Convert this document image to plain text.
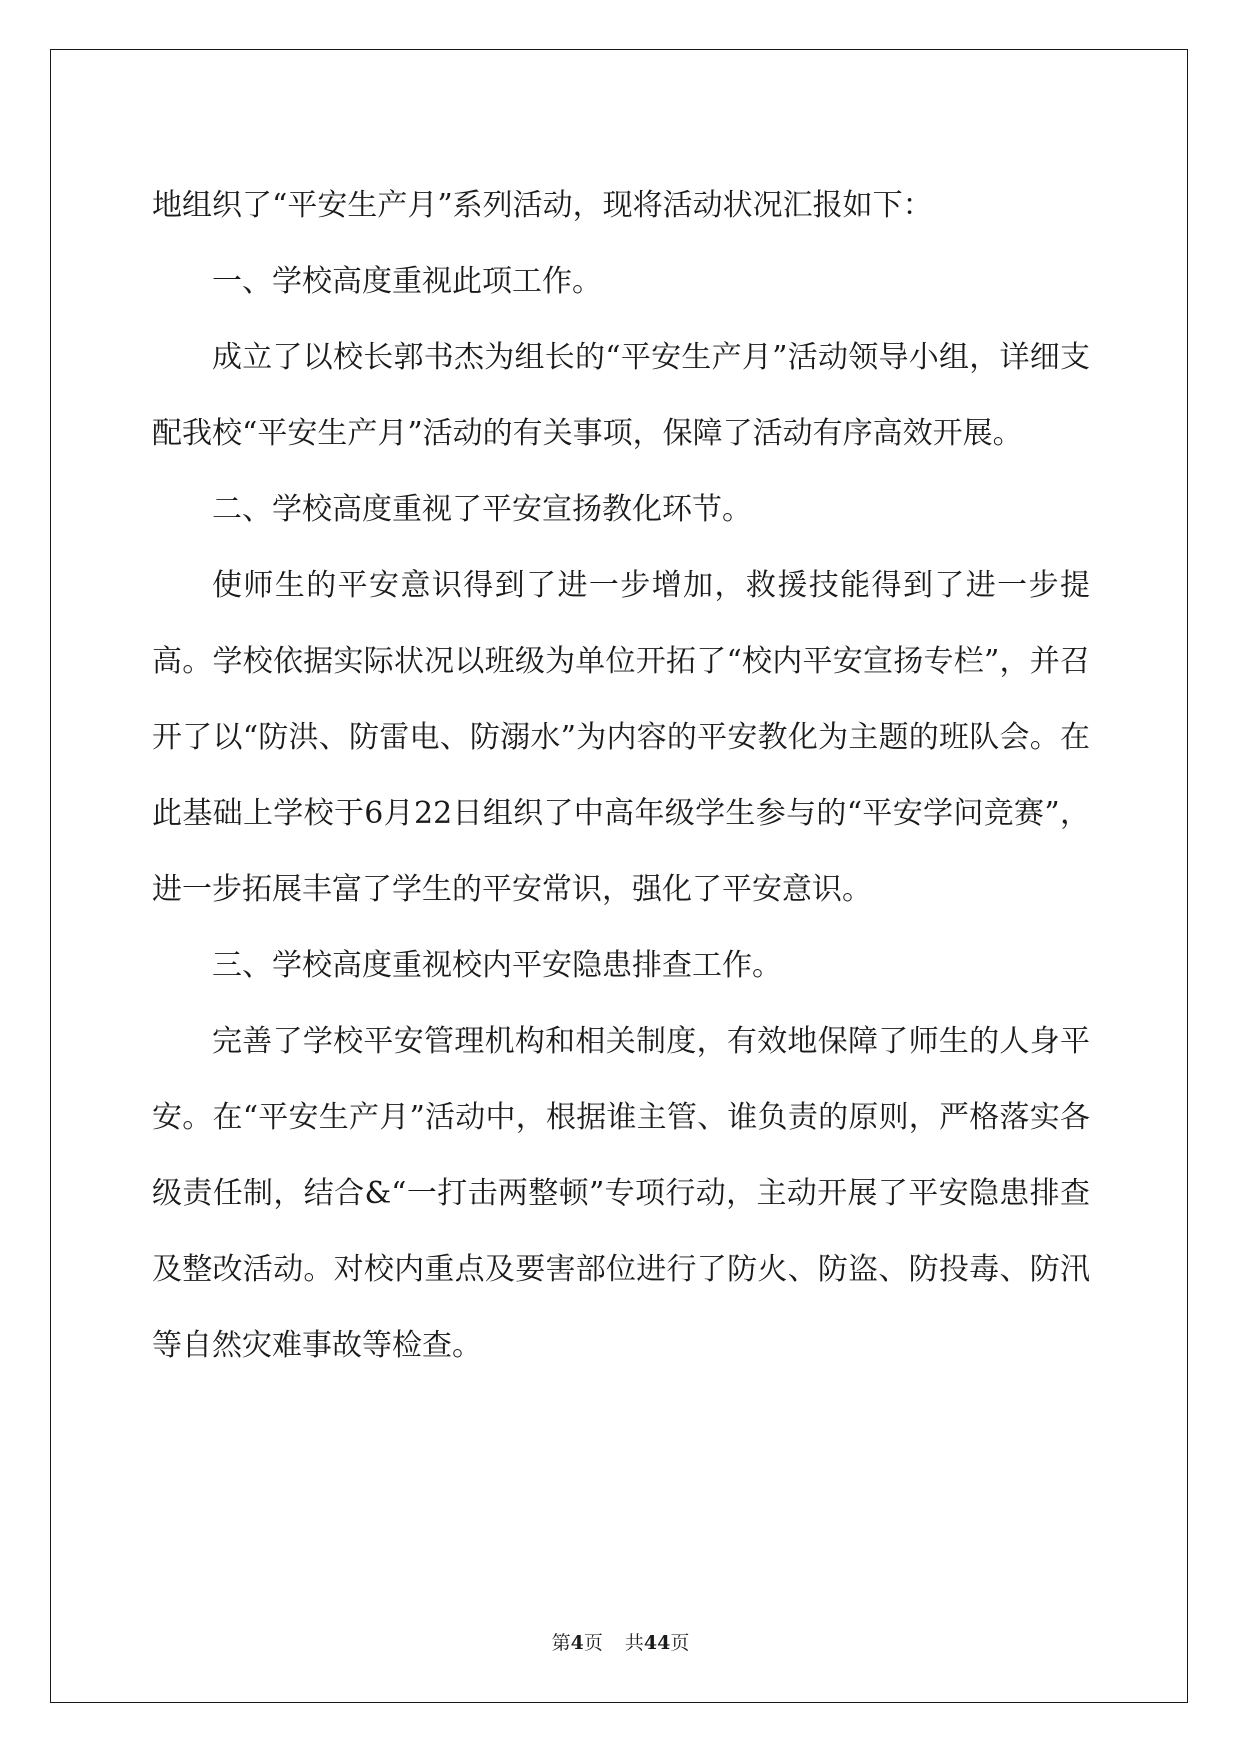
地组织了“平安生产月”系列活动，现将活动状况汇报如下：

一、学校高度重视此项工作。

成立了以校长郭书杰为组长的“平安生产月”活动领导小组，详细支配我校“平安生产月”活动的有关事项，保障了活动有序高效开展。

二、学校高度重视了平安宣扬教化环节。

使师生的平安意识得到了进一步增加，救援技能得到了进一步提高。学校依据实际状况以班级为单位开拓了“校内平安宣扬专栏”，并召开了以“防洪、防雷电、防溺水”为内容的平安教化为主题的班队会。在此基础上学校于6月22日组织了中高年级学生参与的“平安学问竞赛”，进一步拓展丰富了学生的平安常识，强化了平安意识。

三、学校高度重视校内平安隐患排查工作。

完善了学校平安管理机构和相关制度，有效地保障了师生的人身平安。在“平安生产月”活动中，根据谁主管、谁负责的原则，严格落实各级责任制，结合&“一打击两整顿”专项行动，主动开展了平安隐患排查及整改活动。对校内重点及要害部位进行了防火、防盗、防投毒、防汛等自然灾难事故等检查。

第4页 共44页
